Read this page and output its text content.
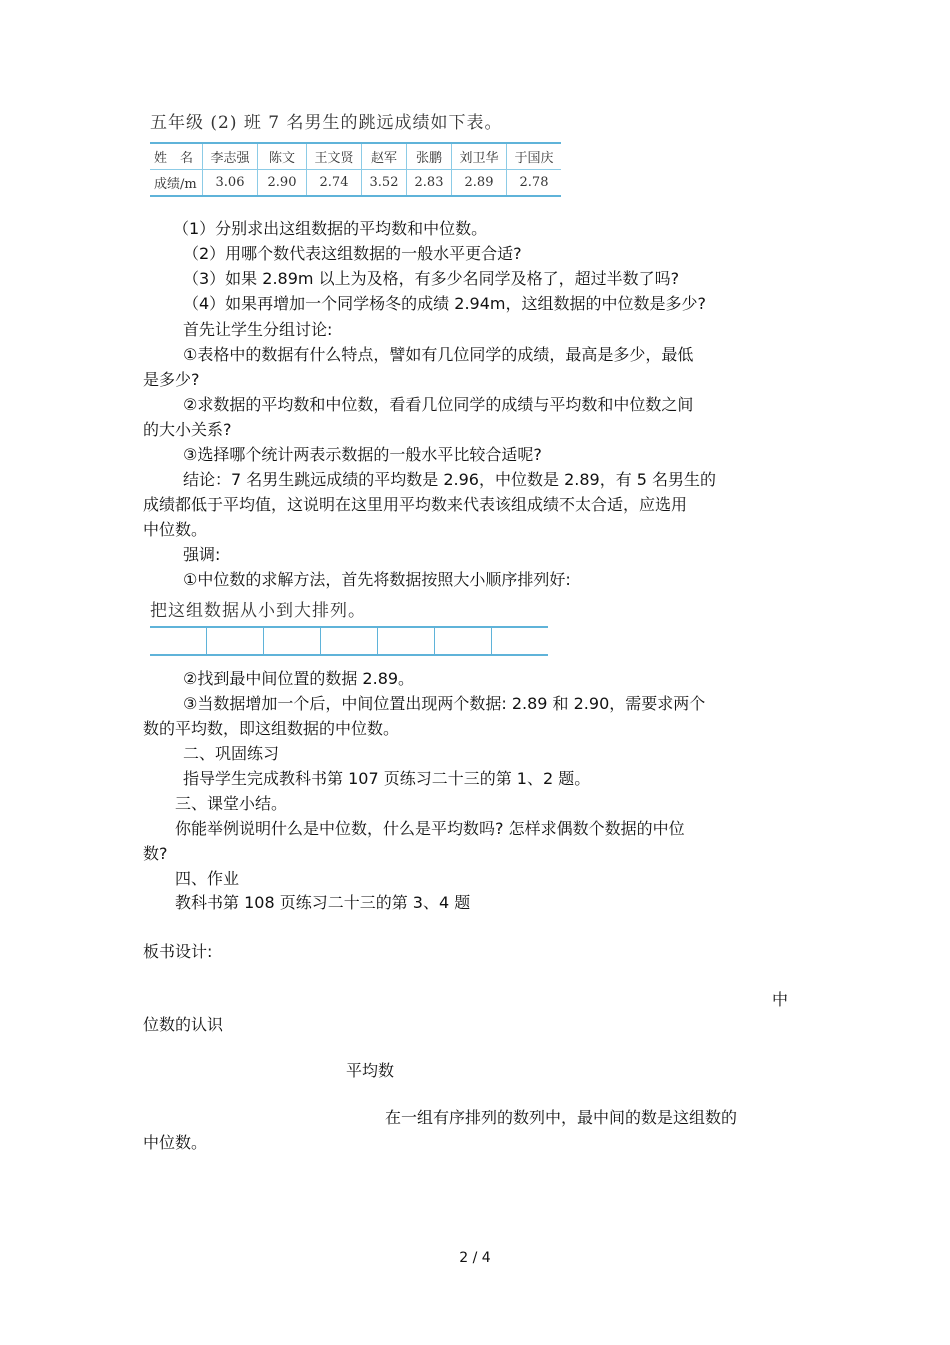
五年级 (2) 班 7 名男生的跳远成绩如下表。
姓　名	李志强	陈文	王文贤	赵军	张鹏	刘卫华	于国庆
成绩/m	3.06	2.90	2.74	3.52	2.83	2.89	2.78
（1）分别求出这组数据的平均数和中位数。
（2）用哪个数代表这组数据的一般水平更合适?
（3）如果 2.89m 以上为及格，有多少名同学及格了，超过半数了吗?
（4）如果再增加一个同学杨冬的成绩 2.94m，这组数据的中位数是多少?
首先让学生分组讨论:
①表格中的数据有什么特点，譬如有几位同学的成绩，最高是多少，最低
是多少?
②求数据的平均数和中位数，看看几位同学的成绩与平均数和中位数之间
的大小关系?
③选择哪个统计两表示数据的一般水平比较合适呢?
结论：7 名男生跳远成绩的平均数是 2.96，中位数是 2.89，有 5 名男生的
成绩都低于平均值，这说明在这里用平均数来代表该组成绩不太合适，应选用
中位数。
强调:
①中位数的求解方法，首先将数据按照大小顺序排列好:
把这组数据从小到大排列。

②找到最中间位置的数据 2.89。
③当数据增加一个后，中间位置出现两个数据: 2.89 和 2.90，需要求两个
数的平均数，即这组数据的中位数。
二、巩固练习
指导学生完成教科书第 107 页练习二十三的第 1、2 题。
三、课堂小结。
你能举例说明什么是中位数，什么是平均数吗? 怎样求偶数个数据的中位
数?
四、作业
教科书第 108 页练习二十三的第 3、4 题
板书设计:
中
位数的认识
平均数
在一组有序排列的数列中，最中间的数是这组数的
中位数。
2 / 4
